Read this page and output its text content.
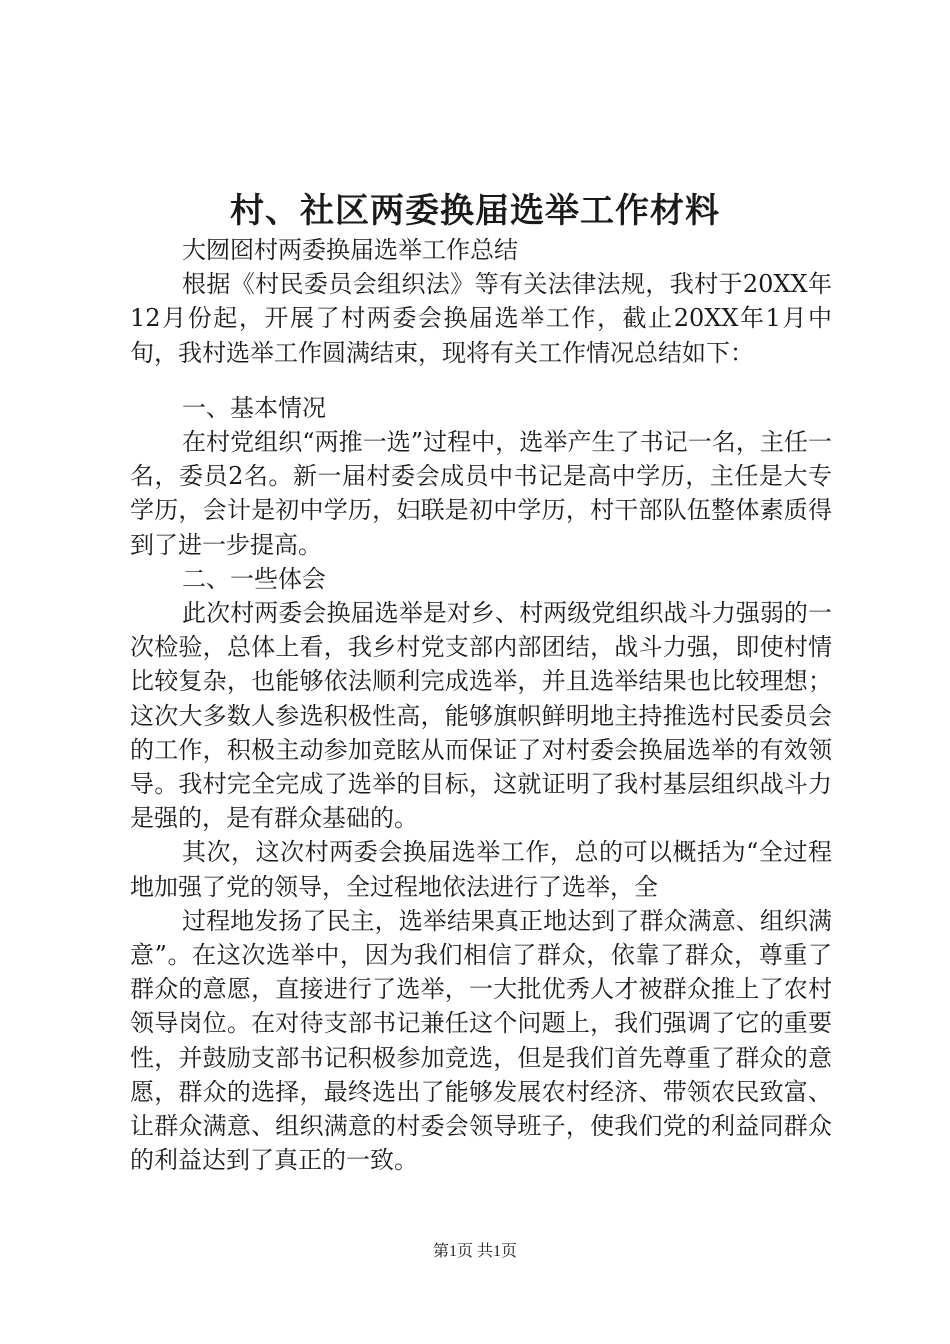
村、社区两委换届选举工作材料

大囫囵村两委换届选举工作总结

根据《村民委员会组织法》等有关法律法规，我村于20XX年12月份起，开展了村两委会换届选举工作，截止20XX年1月中旬，我村选举工作圆满结束，现将有关工作情况总结如下：

一、基本情况

在村党组织“两推一选”过程中，选举产生了书记一名，主任一名，委员2名。新一届村委会成员中书记是高中学历，主任是大专学历，会计是初中学历，妇联是初中学历，村干部队伍整体素质得到了进一步提高。

二、一些体会

此次村两委会换届选举是对乡、村两级党组织战斗力强弱的一次检验，总体上看，我乡村党支部内部团结，战斗力强，即使村情比较复杂，也能够依法顺利完成选举，并且选举结果也比较理想；这次大多数人参选积极性高，能够旗帜鲜明地主持推选村民委员会的工作，积极主动参加竞眩从而保证了对村委会换届选举的有效领导。我村完全完成了选举的目标，这就证明了我村基层组织战斗力是强的，是有群众基础的。

其次，这次村两委会换届选举工作，总的可以概括为“全过程地加强了党的领导，全过程地依法进行了选举，全

过程地发扬了民主，选举结果真正地达到了群众满意、组织满意”。在这次选举中，因为我们相信了群众，依靠了群众，尊重了群众的意愿，直接进行了选举，一大批优秀人才被群众推上了农村领导岗位。在对待支部书记兼任这个问题上，我们强调了它的重要性，并鼓励支部书记积极参加竞选，但是我们首先尊重了群众的意愿，群众的选择，最终选出了能够发展农村经济、带领农民致富、让群众满意、组织满意的村委会领导班子，使我们党的利益同群众的利益达到了真正的一致。

第1页 共1页
